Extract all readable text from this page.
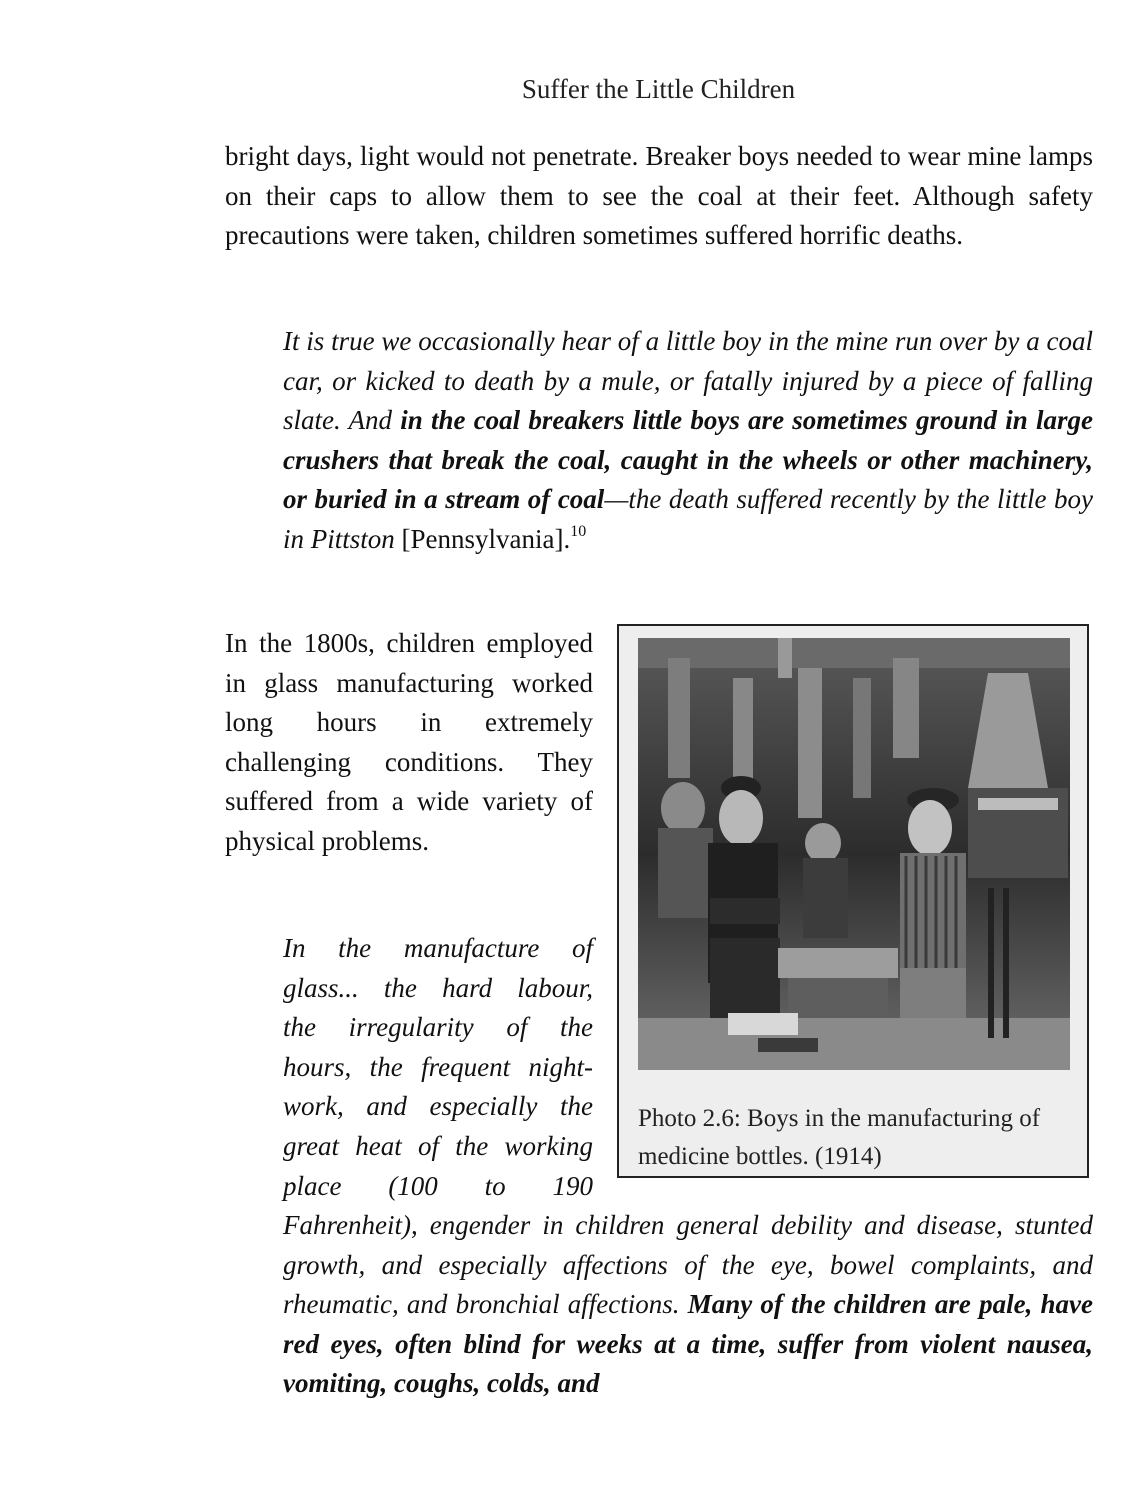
Suffer the Little Children

bright days, light would not penetrate. Breaker boys needed to wear mine lamps on their caps to allow them to see the coal at their feet. Although safety precautions were taken, children sometimes suffered horrific deaths.

It is true we occasionally hear of a little boy in the mine run over by a coal car, or kicked to death by a mule, or fatally injured by a piece of falling slate. And in the coal breakers little boys are sometimes ground in large crushers that break the coal, caught in the wheels or other machinery, or buried in a stream of coal—the death suffered recently by the little boy in Pittston [Pennsylvania].$^{10}$

In the 1800s, children employed in glass manufacturing worked long hours in extremely challenging conditions. They suffered from a wide variety of physical problems.

In the manufacture of
glass... the hard labour,
the irregularity of the
hours, the frequent night-
work, and especially the
great heat of the working
place (100 to 190

Fahrenheit), engender in children general debility and disease, stunted growth, and especially affections of the eye, bowel complaints, and rheumatic, and bronchial affections. Many of the children are pale, have red eyes, often blind for weeks at a time, suffer from violent nausea, vomiting, coughs, colds, and

Photo 2.6: Boys in the manufacturing of medicine bottles. (1914)
